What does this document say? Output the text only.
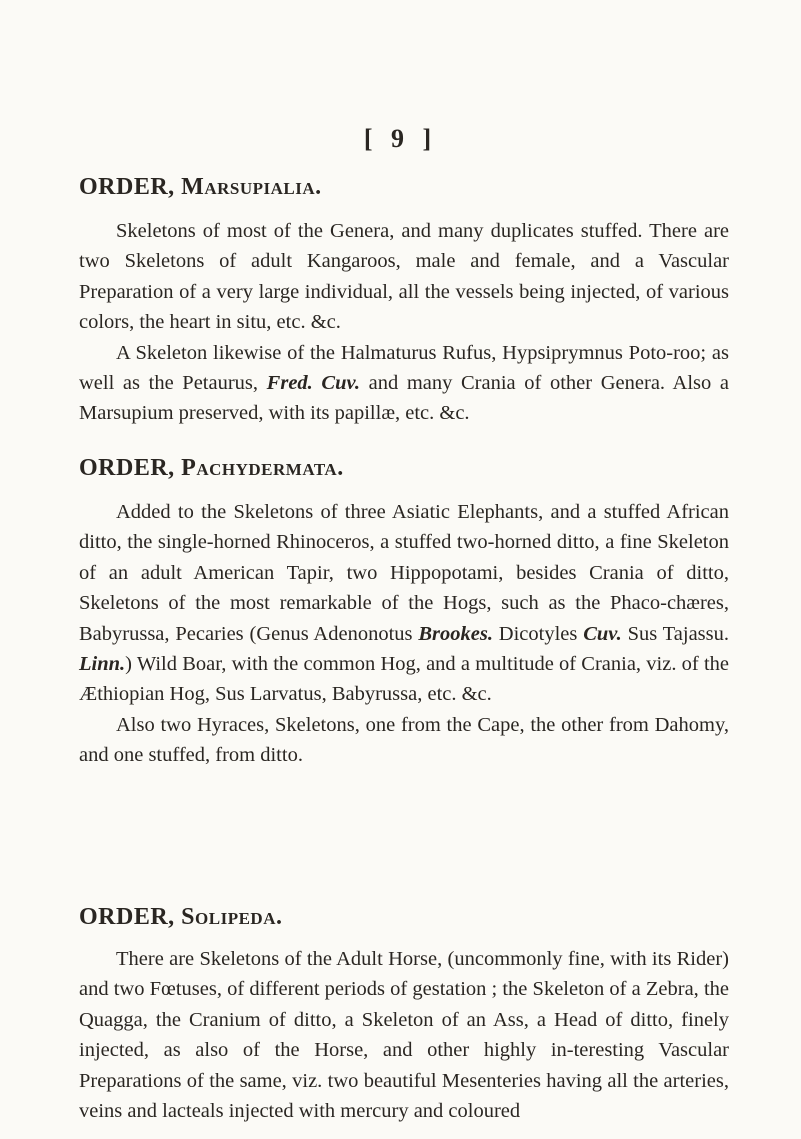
[ 9 ]
ORDER, Marsupialia.

Skeletons of most of the Genera, and many duplicates stuffed. There are two Skeletons of adult Kangaroos, male and female, and a Vascular Preparation of a very large individual, all the vessels being injected, of various colors, the heart in situ, etc. &c.

A Skeleton likewise of the Halmaturus Rufus, Hypsiprymnus Poto-roo; as well as the Petaurus, Fred. Cuv. and many Crania of other Genera. Also a Marsupium preserved, with its papillæ, etc. &c.

ORDER, Pachydermata.

Added to the Skeletons of three Asiatic Elephants, and a stuffed African ditto, the single-horned Rhinoceros, a stuffed two-horned ditto, a fine Skeleton of an adult American Tapir, two Hippopotami, besides Crania of ditto, Skeletons of the most remarkable of the Hogs, such as the Phaco-chæres, Babyrussa, Pecaries (Genus Adenonotus Brookes. Dicotyles Cuv. Sus Tajassu. Linn.) Wild Boar, with the common Hog, and a multitude of Crania, viz. of the Æthiopian Hog, Sus Larvatus, Babyrussa, etc. &c.

Also two Hyraces, Skeletons, one from the Cape, the other from Dahomy, and one stuffed, from ditto.

ORDER, Solipeda.

There are Skeletons of the Adult Horse, (uncommonly fine, with its Rider) and two Fœtuses, of different periods of gestation ; the Skeleton of a Zebra, the Quagga, the Cranium of ditto, a Skeleton of an Ass, a Head of ditto, finely injected, as also of the Horse, and other highly in-teresting Vascular Preparations of the same, viz. two beautiful Mesenteries having all the arteries, veins and lacteals injected with mercury and coloured
